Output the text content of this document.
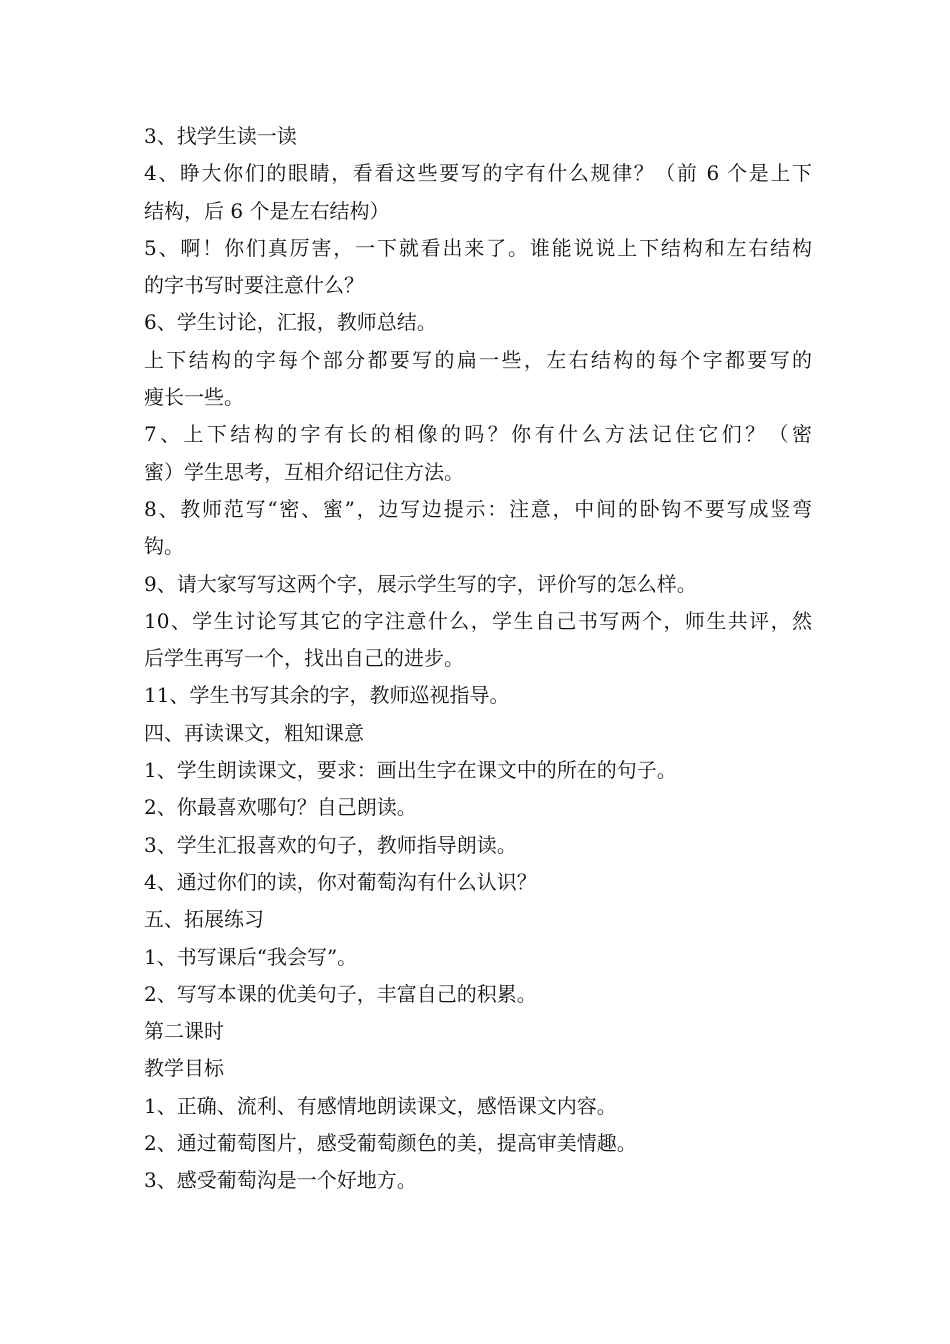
3、找学生读一读
4、睁大你们的眼睛，看看这些要写的字有什么规律？（前 6 个是上下
结构，后 6 个是左右结构）
5、啊！你们真厉害，一下就看出来了。谁能说说上下结构和左右结构
的字书写时要注意什么？
6、学生讨论，汇报，教师总结。
上下结构的字每个部分都要写的扁一些，左右结构的每个字都要写的
瘦长一些。
7、上下结构的字有长的相像的吗？你有什么方法记住它们？（密
蜜）学生思考，互相介绍记住方法。
8、教师范写“密、蜜”，边写边提示：注意，中间的卧钩不要写成竖弯
钩。
9、请大家写写这两个字，展示学生写的字，评价写的怎么样。
10、学生讨论写其它的字注意什么，学生自己书写两个，师生共评，然
后学生再写一个，找出自己的进步。
11、学生书写其余的字，教师巡视指导。
四、再读课文，粗知课意
1、学生朗读课文，要求：画出生字在课文中的所在的句子。
2、你最喜欢哪句？自己朗读。
3、学生汇报喜欢的句子，教师指导朗读。
4、通过你们的读，你对葡萄沟有什么认识？
五、拓展练习
1、书写课后“我会写”。
2、写写本课的优美句子，丰富自己的积累。
第二课时
教学目标
1、正确、流利、有感情地朗读课文，感悟课文内容。
2、通过葡萄图片，感受葡萄颜色的美，提高审美情趣。
3、感受葡萄沟是一个好地方。
